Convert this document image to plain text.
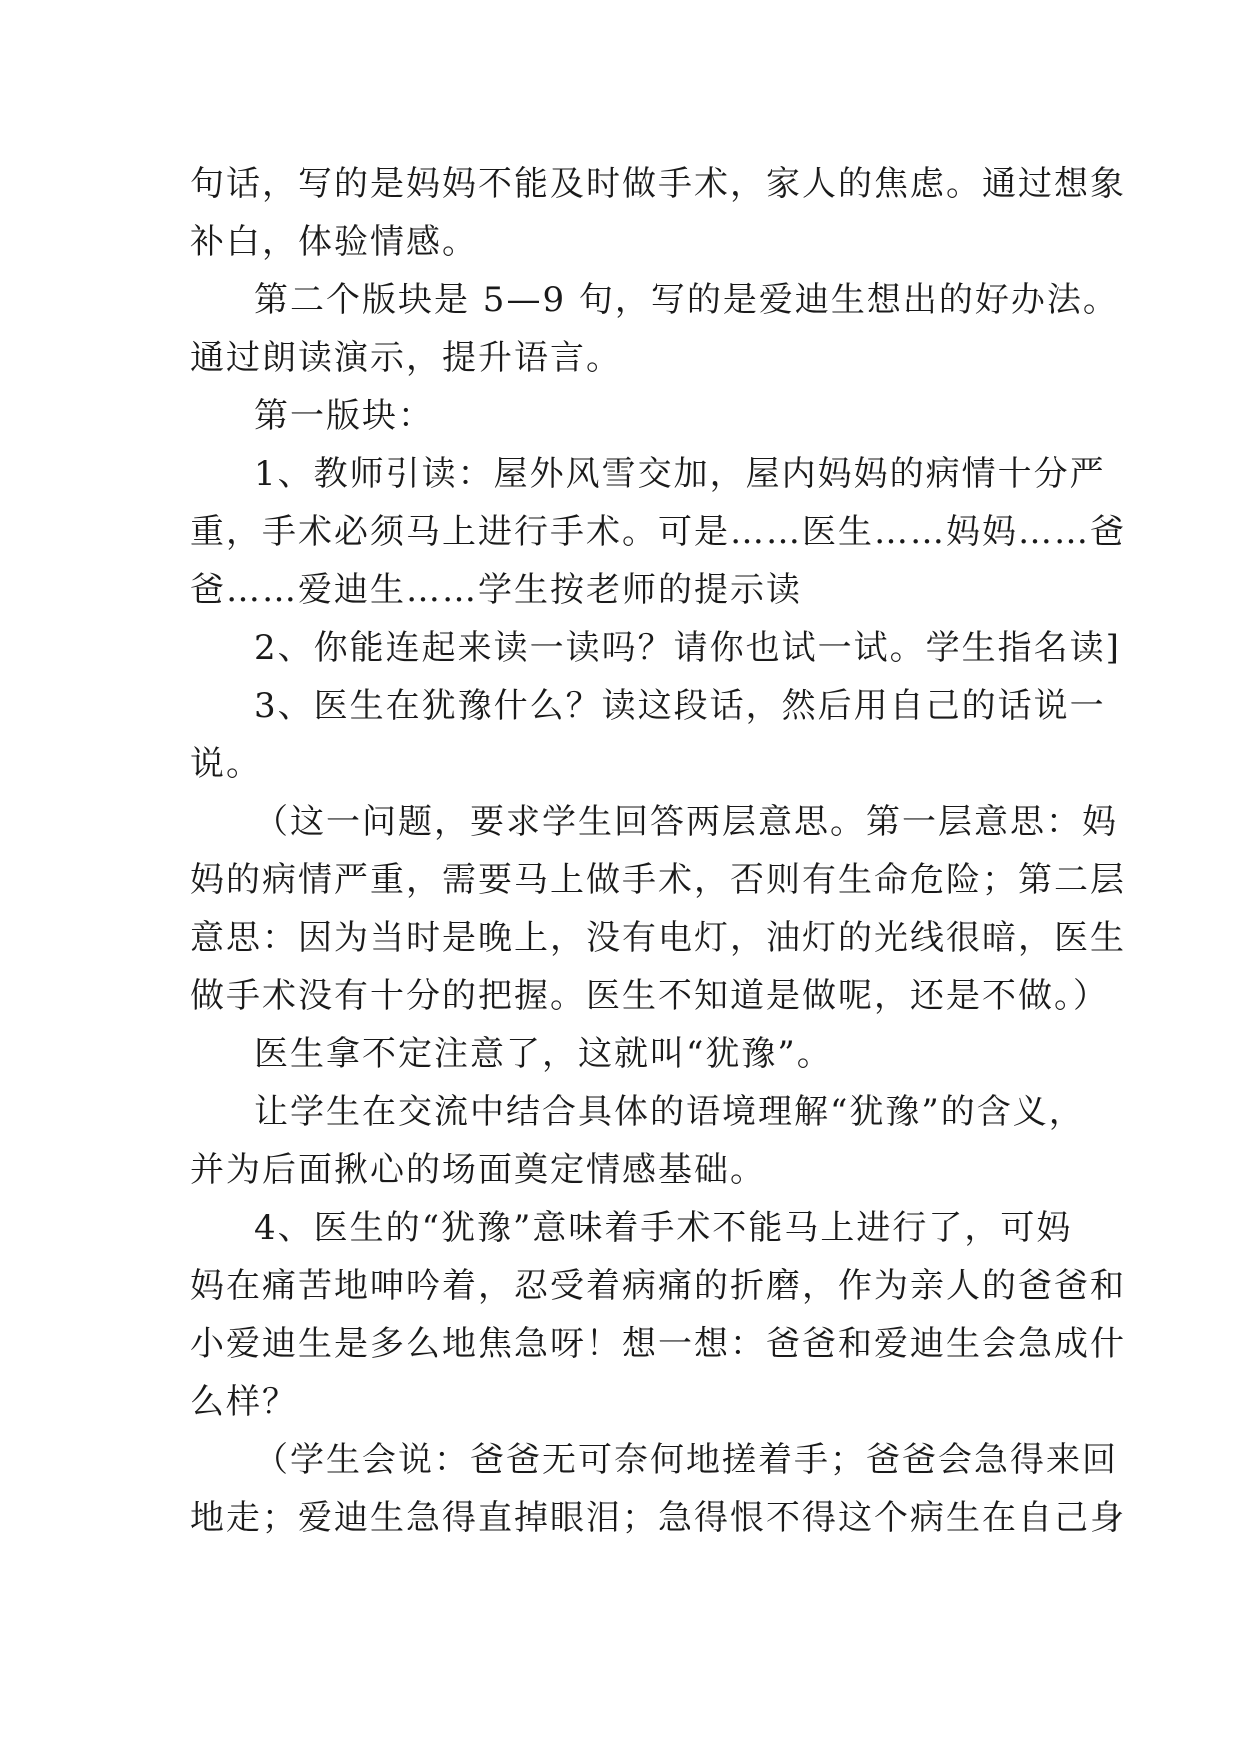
句话，写的是妈妈不能及时做手术，家人的焦虑。通过想象
补白，体验情感。
第二个版块是 5—9 句，写的是爱迪生想出的好办法。
通过朗读演示，提升语言。
第一版块：
1、教师引读：屋外风雪交加，屋内妈妈的病情十分严
重，手术必须马上进行手术。可是……医生……妈妈……爸
爸……爱迪生……学生按老师的提示读
2、你能连起来读一读吗？请你也试一试。学生指名读]
3、医生在犹豫什么？读这段话，然后用自己的话说一
说。
（这一问题，要求学生回答两层意思。第一层意思：妈
妈的病情严重，需要马上做手术，否则有生命危险；第二层
意思：因为当时是晚上，没有电灯，油灯的光线很暗，医生
做手术没有十分的把握。医生不知道是做呢，还是不做。）
医生拿不定注意了，这就叫“犹豫”。
让学生在交流中结合具体的语境理解“犹豫”的含义，
并为后面揪心的场面奠定情感基础。
4、医生的“犹豫”意味着手术不能马上进行了，可妈
妈在痛苦地呻吟着，忍受着病痛的折磨，作为亲人的爸爸和
小爱迪生是多么地焦急呀！想一想：爸爸和爱迪生会急成什
么样？
（学生会说：爸爸无可奈何地搓着手；爸爸会急得来回
地走；爱迪生急得直掉眼泪；急得恨不得这个病生在自己身
